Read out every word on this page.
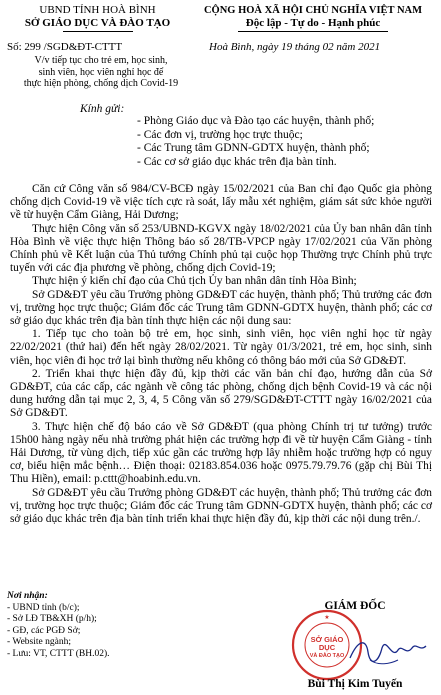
UBND TỈNH HOÀ BÌNH
SỞ GIÁO DỤC VÀ ĐÀO TẠO
CỘNG HOÀ XÃ HỘI CHỦ NGHĨA VIỆT NAM
Độc lập - Tự do - Hạnh phúc
Số: 299 /SGD&ĐT-CTTT	Hoà Bình, ngày 19 tháng 02 năm 2021
V/v tiếp tục cho trẻ em, học sinh,
sinh viên, học viên nghỉ học để
thực hiện phòng, chống dịch Covid-19
Kính gửi:
- Phòng Giáo dục và Đào tạo các huyện, thành phố;
- Các đơn vị, trường học trực thuộc;
- Các Trung tâm GDNN-GDTX huyện, thành phố;
- Các cơ sở giáo dục khác trên địa bàn tỉnh.

Căn cứ Công văn số 984/CV-BCĐ ngày 15/02/2021 của Ban chỉ đạo Quốc gia phòng chống dịch Covid-19 về việc tích cực rà soát, lấy mẫu xét nghiệm, giám sát sức khỏe người về từ huyện Cẩm Giàng, Hải Dương;

Thực hiện Công văn số 253/UBND-KGVX ngày 18/02/2021 của Ủy ban nhân dân tỉnh Hòa Bình về việc thực hiện Thông báo số 28/TB-VPCP ngày 17/02/2021 của Văn phòng Chính phủ về Kết luận của Thủ tướng Chính phủ tại cuộc họp Thường trực Chính phủ trực tuyến với các địa phương về phòng, chống dịch Covid-19;

Thực hiện ý kiến chỉ đạo của Chủ tịch Ủy ban nhân dân tỉnh Hòa Bình;

Sở GD&ĐT yêu cầu Trưởng phòng GD&ĐT các huyện, thành phố; Thủ trưởng các đơn vị, trường học trực thuộc; Giám đốc các Trung tâm GDNN-GDTX huyện, thành phố; các cơ sở giáo dục khác trên địa bàn tỉnh thực hiện các nội dung sau:

1. Tiếp tục cho toàn bộ trẻ em, học sinh, sinh viên, học viên nghỉ học từ ngày 22/02/2021 (thứ hai) đến hết ngày 28/02/2021. Từ ngày 01/3/2021, trẻ em, học sinh, sinh viên, học viên đi học trở lại bình thường nếu không có thông báo mới của Sở GD&ĐT.

2. Triển khai thực hiện đầy đủ, kịp thời các văn bản chỉ đạo, hướng dẫn của Sở GD&ĐT, của các cấp, các ngành về công tác phòng, chống dịch bệnh Covid-19 và các nội dung hướng dẫn tại mục 2, 3, 4, 5 Công văn số 279/SGD&ĐT-CTTT ngày 16/02/2021 của Sở GD&ĐT.

3. Thực hiện chế độ báo cáo về Sở GD&ĐT (qua phòng Chính trị tư tưởng) trước 15h00 hàng ngày nếu nhà trường phát hiện các trường hợp đi về từ huyện Cẩm Giàng - tỉnh Hải Dương, từ vùng dịch, tiếp xúc gần các trường hợp lây nhiễm hoặc trường hợp có nguy cơ, biểu hiện mắc bệnh… Điện thoại: 02183.854.036 hoặc 0975.79.79.76 (gặp chị Bùi Thị Thu Hiền), email: p.cttt@hoabinh.edu.vn.

Sở GD&ĐT yêu cầu Trưởng phòng GD&ĐT các huyện, thành phố; Thủ trưởng các đơn vị, trường học trực thuộc; Giám đốc các Trung tâm GDNN-GDTX huyện, thành phố; các cơ sở giáo dục khác trên địa bàn tỉnh triển khai thực hiện đầy đủ, kịp thời các nội dung trên./.

Nơi nhận:
- UBND tỉnh (b/c);
- Sở LĐ TB&XH (p/h);
- GĐ, các PGĐ Sở;
- Website ngành;
- Lưu: VT, CTTT (BH.02).
GIÁM ĐỐC
SỞ GIÁO
DỤC
VÀ ĐÀO TẠO
★
Bùi Thị Kim Tuyến
